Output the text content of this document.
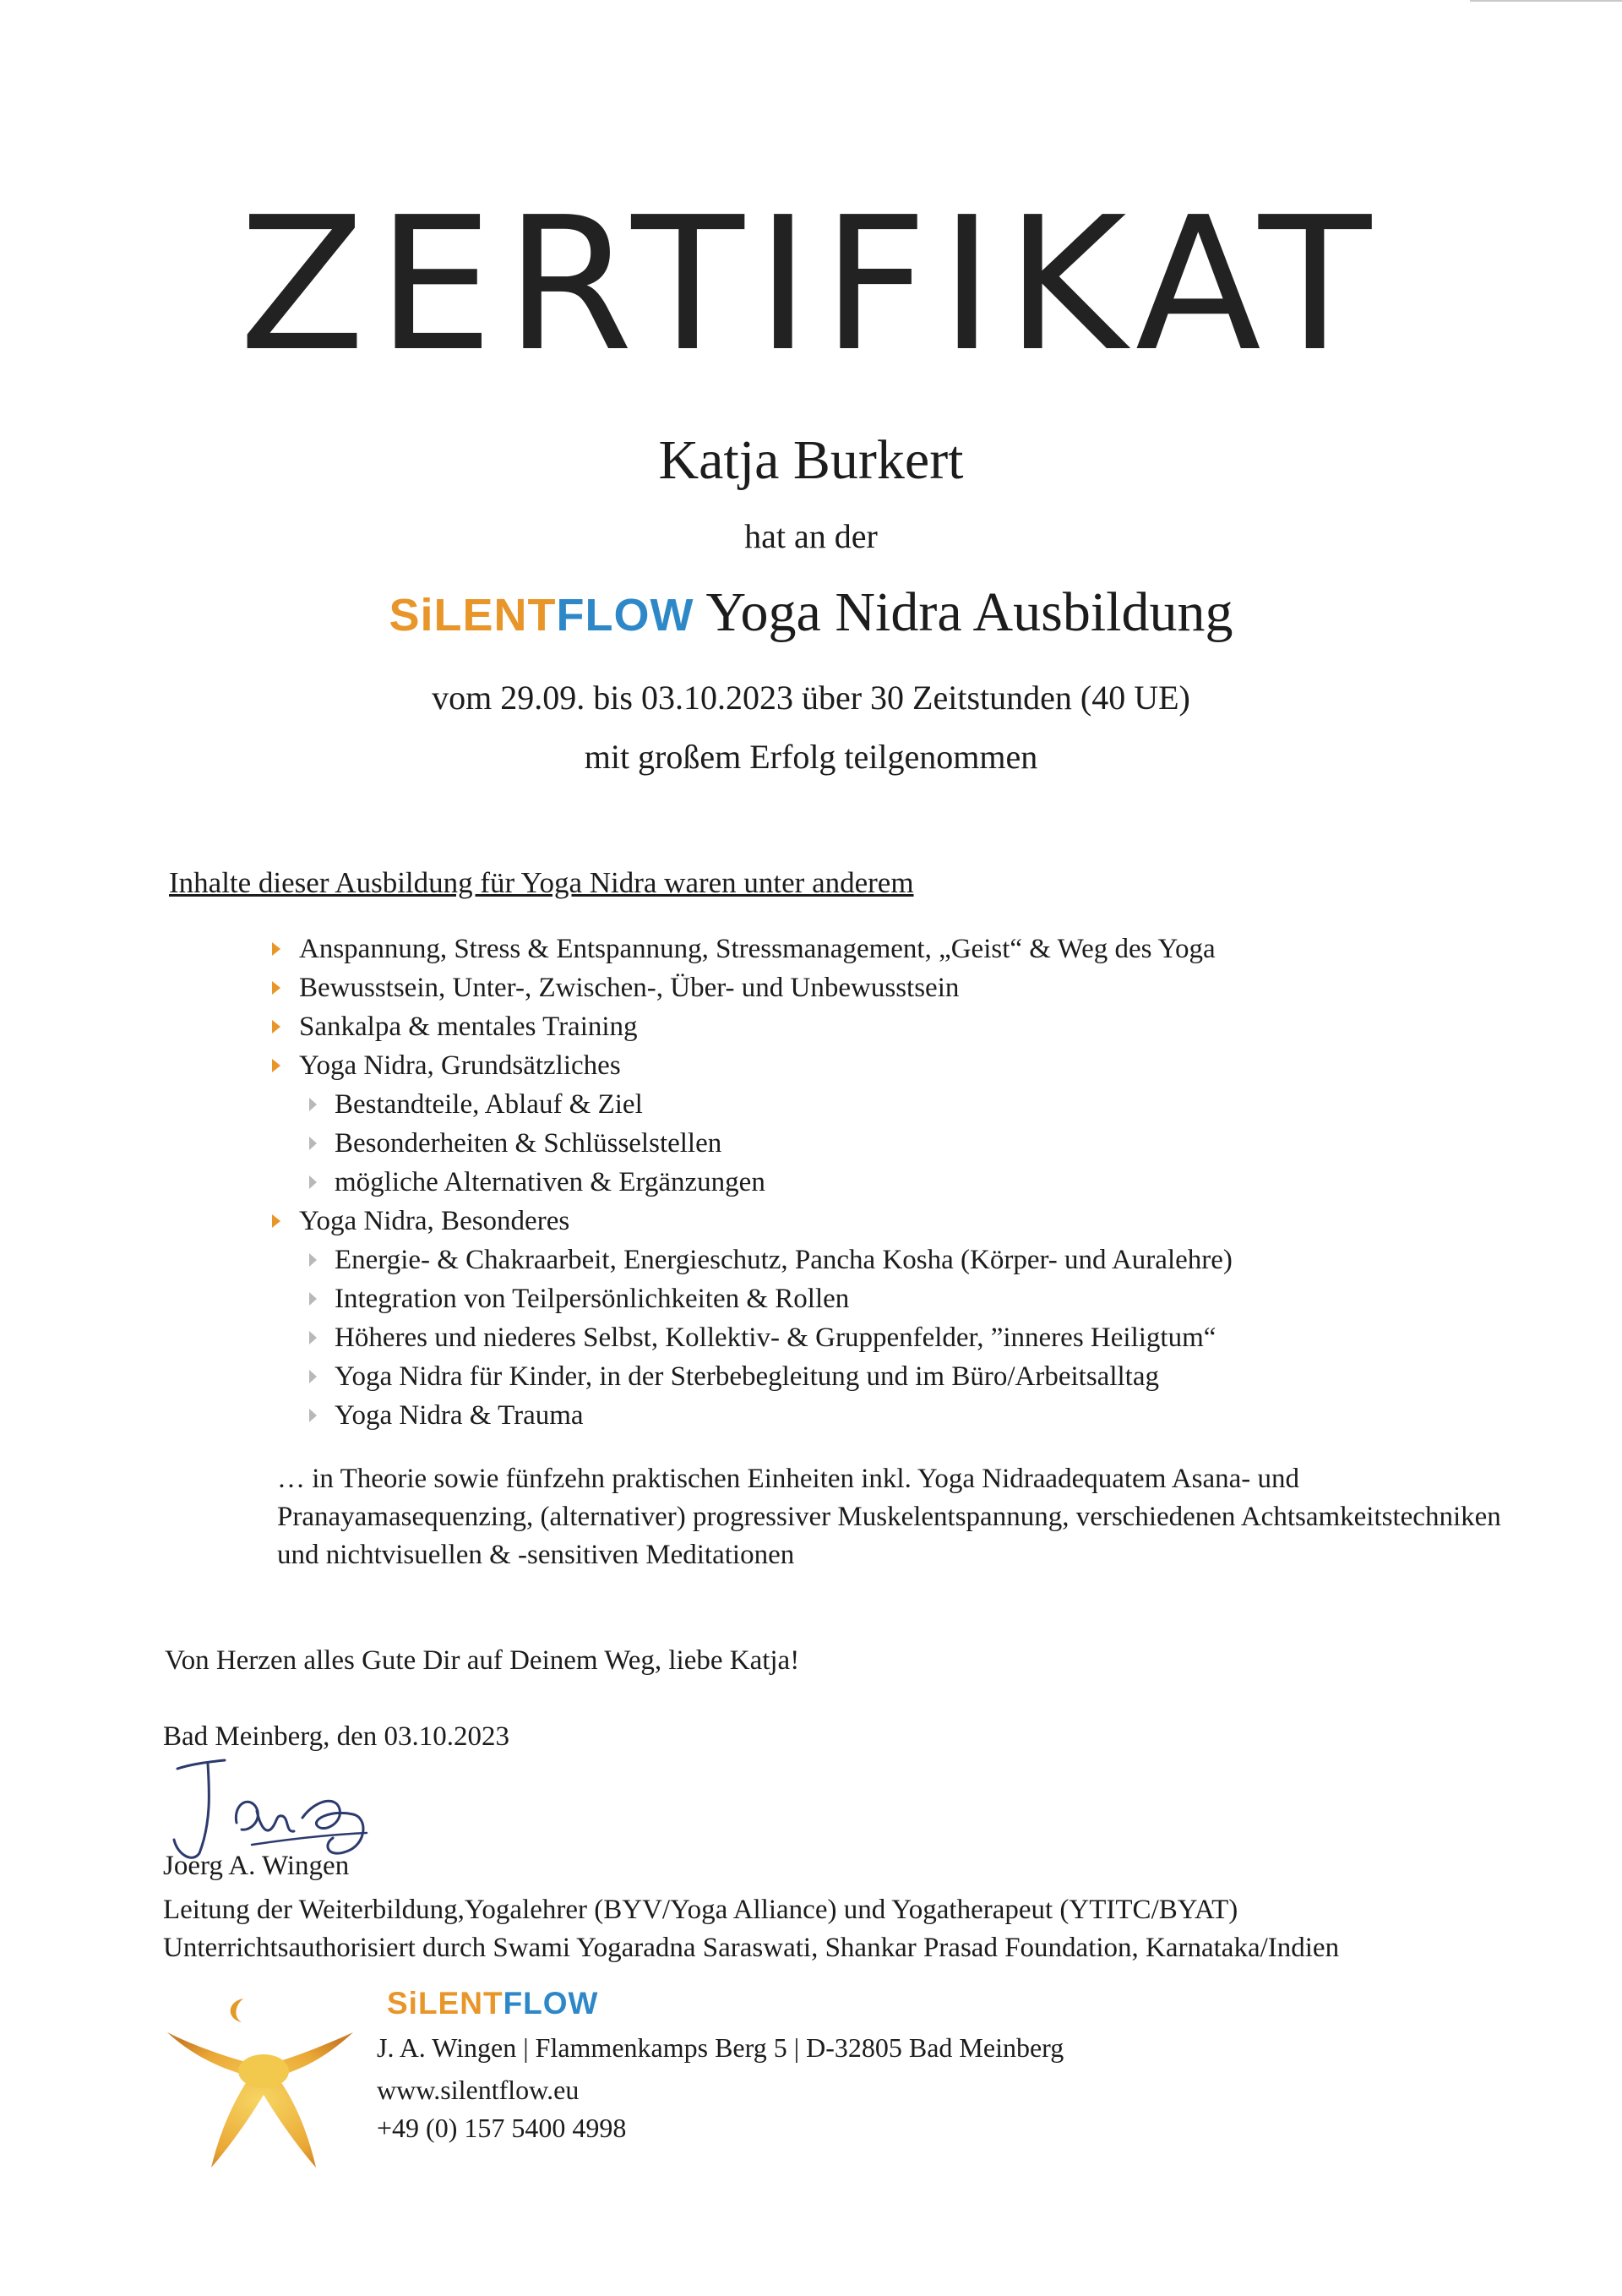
ZERTIFIKAT
Katja Burkert
hat an der
SiLENTFLOW Yoga Nidra Ausbildung
vom 29.09. bis 03.10.2023 über 30 Zeitstunden (40 UE)
mit großem Erfolg teilgenommen
Inhalte dieser Ausbildung für Yoga Nidra waren unter anderem
Anspannung, Stress & Entspannung, Stressmanagement, „Geist“ & Weg des Yoga
Bewusstsein, Unter-, Zwischen-, Über- und Unbewusstsein
Sankalpa & mentales Training
Yoga Nidra, Grundsätzliches
Bestandteile, Ablauf & Ziel
Besonderheiten & Schlüsselstellen
mögliche Alternativen & Ergänzungen
Yoga Nidra, Besonderes
Energie- & Chakraarbeit, Energieschutz, Pancha Kosha (Körper- und Auralehre)
Integration von Teilpersönlichkeiten & Rollen
Höheres und niederes Selbst, Kollektiv- & Gruppenfelder, ”inneres Heiligtum“
Yoga Nidra für Kinder, in der Sterbebegleitung und im Büro/Arbeitsalltag
Yoga Nidra & Trauma

… in Theorie sowie fünfzehn praktischen Einheiten inkl. Yoga Nidraadequatem Asana- und Pranayamasequenzing, (alternativer) progressiver Muskelentspannung, verschiedenen Achtsamkeitstechniken und nichtvisuellen & -sensitiven Meditationen

Von Herzen alles Gute Dir auf Deinem Weg, liebe Katja!
Bad Meinberg, den 03.10.2023
Joerg A. Wingen
Leitung der Weiterbildung,Yogalehrer (BYV/Yoga Alliance) und Yogatherapeut (YTITC/BYAT)
Unterrichtsauthorisiert durch Swami Yogaradna Saraswati, Shankar Prasad Foundation, Karnataka/Indien
SiLENTFLOW
J. A. Wingen | Flammenkamps Berg 5 | D-32805 Bad Meinberg
www.silentflow.eu
+49 (0) 157 5400 4998
